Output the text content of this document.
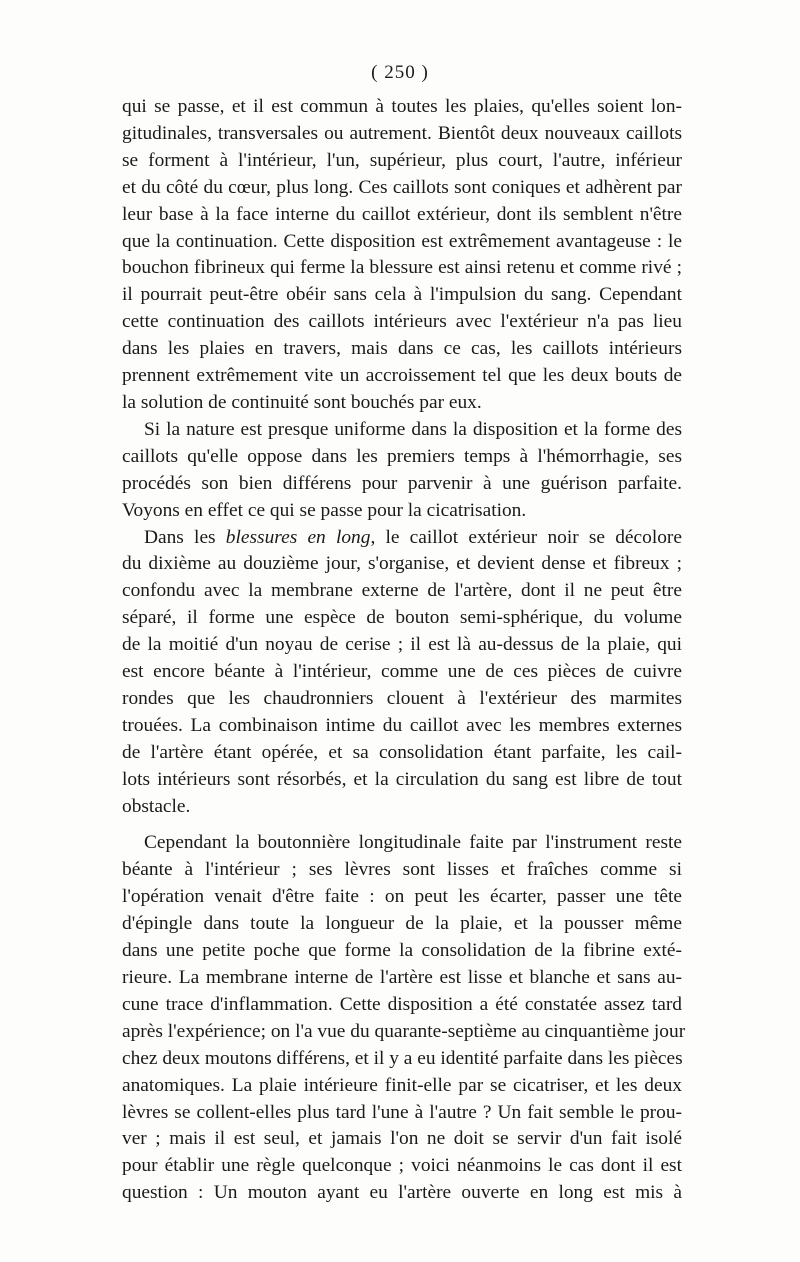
( 250 )

qui se passe, et il est commun à toutes les plaies, qu'elles soient lon-
gitudinales, transversales ou autrement. Bientôt deux nouveaux caillots
se forment à l'intérieur, l'un, supérieur, plus court, l'autre, inférieur
et du côté du cœur, plus long. Ces caillots sont coniques et adhèrent par
leur base à la face interne du caillot extérieur, dont ils semblent n'être
que la continuation. Cette disposition est extrêmement avantageuse : le
bouchon fibrineux qui ferme la blessure est ainsi retenu et comme rivé ;
il pourrait peut-être obéir sans cela à l'impulsion du sang. Cependant
cette continuation des caillots intérieurs avec l'extérieur n'a pas lieu
dans les plaies en travers, mais dans ce cas, les caillots intérieurs
prennent extrêmement vite un accroissement tel que les deux bouts de
la solution de continuité sont bouchés par eux.

Si la nature est presque uniforme dans la disposition et la forme des
caillots qu'elle oppose dans les premiers temps à l'hémorrhagie, ses
procédés son bien différens pour parvenir à une guérison parfaite.
Voyons en effet ce qui se passe pour la cicatrisation.

Dans les blessures en long, le caillot extérieur noir se décolore
du dixième au douzième jour, s'organise, et devient dense et fibreux ;
confondu avec la membrane externe de l'artère, dont il ne peut être
séparé, il forme une espèce de bouton semi-sphérique, du volume
de la moitié d'un noyau de cerise ; il est là au-dessus de la plaie, qui
est encore béante à l'intérieur, comme une de ces pièces de cuivre
rondes que les chaudronniers clouent à l'extérieur des marmites
trouées. La combinaison intime du caillot avec les membres externes
de l'artère étant opérée, et sa consolidation étant parfaite, les cail-
lots intérieurs sont résorbés, et la circulation du sang est libre de tout
obstacle.

Cependant la boutonnière longitudinale faite par l'instrument reste
béante à l'intérieur ; ses lèvres sont lisses et fraîches comme si
l'opération venait d'être faite : on peut les écarter, passer une tête
d'épingle dans toute la longueur de la plaie, et la pousser même
dans une petite poche que forme la consolidation de la fibrine exté-
rieure. La membrane interne de l'artère est lisse et blanche et sans au-
cune trace d'inflammation. Cette disposition a été constatée assez tard
après l'expérience; on l'a vue du quarante-septième au cinquantième jour
chez deux moutons différens, et il y a eu identité parfaite dans les pièces
anatomiques. La plaie intérieure finit-elle par se cicatriser, et les deux
lèvres se collent-elles plus tard l'une à l'autre ? Un fait semble le prou-
ver ; mais il est seul, et jamais l'on ne doit se servir d'un fait isolé
pour établir une règle quelconque ; voici néanmoins le cas dont il est
question : Un mouton ayant eu l'artère ouverte en long est mis à
